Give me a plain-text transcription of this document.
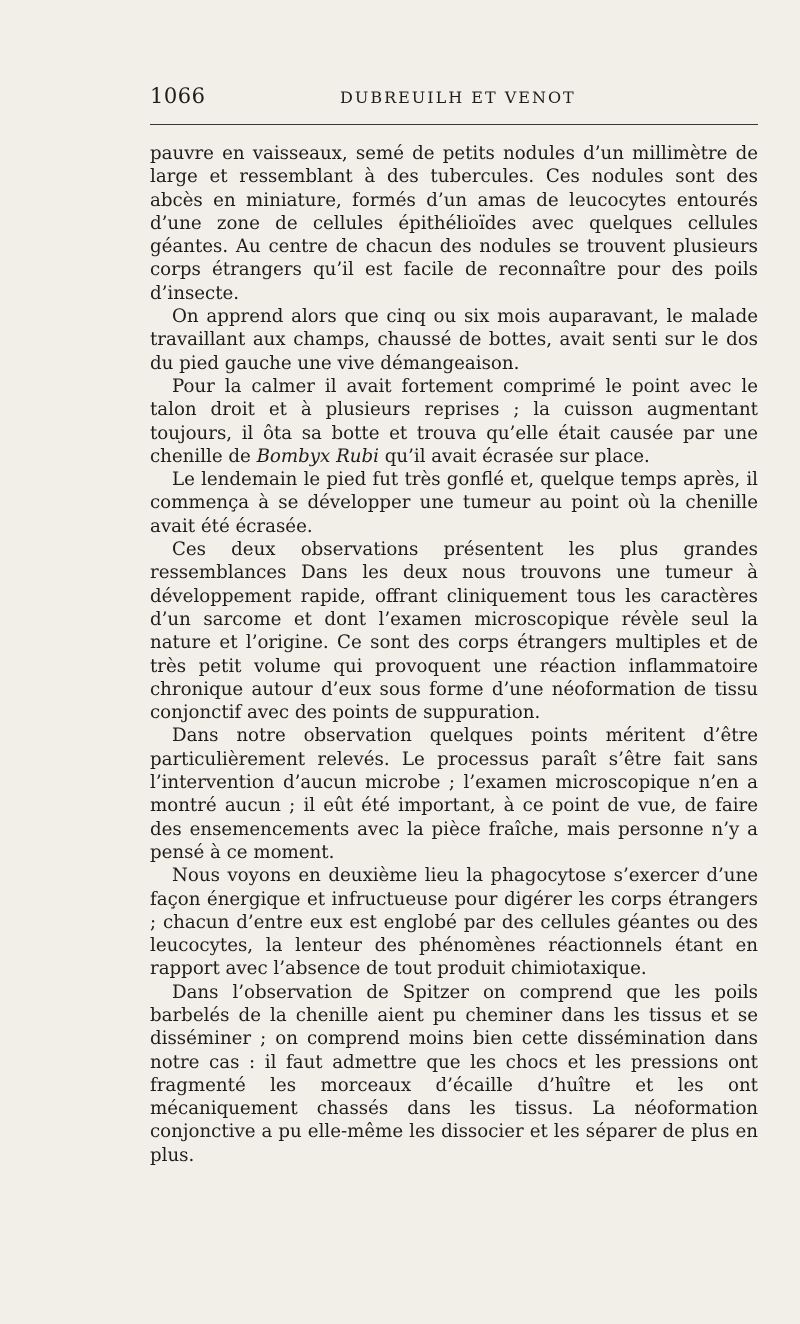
1066	DUBREUILH ET VENOT

pauvre en vaisseaux, semé de petits nodules d’un millimètre de large et ressemblant à des tubercules. Ces nodules sont des abcès en miniature, formés d’un amas de leucocytes entourés d’une zone de cellules épithélioïdes avec quelques cellules géantes. Au centre de chacun des nodules se trouvent plusieurs corps étrangers qu’il est facile de reconnaître pour des poils d’insecte.

On apprend alors que cinq ou six mois auparavant, le malade travaillant aux champs, chaussé de bottes, avait senti sur le dos du pied gauche une vive démangeaison.

Pour la calmer il avait fortement comprimé le point avec le talon droit et à plusieurs reprises ; la cuisson augmentant toujours, il ôta sa botte et trouva qu’elle était causée par une chenille de Bombyx Rubi qu’il avait écrasée sur place.

Le lendemain le pied fut très gonflé et, quelque temps après, il commença à se développer une tumeur au point où la chenille avait été écrasée.

Ces deux observations présentent les plus grandes ressemblances Dans les deux nous trouvons une tumeur à développement rapide, offrant cliniquement tous les caractères d’un sarcome et dont l’examen microscopique révèle seul la nature et l’origine. Ce sont des corps étrangers multiples et de très petit volume qui provoquent une réaction inflammatoire chronique autour d’eux sous forme d’une néoformation de tissu conjonctif avec des points de suppuration.

Dans notre observation quelques points méritent d’être particulièrement relevés. Le processus paraît s’être fait sans l’intervention d’aucun microbe ; l’examen microscopique n’en a montré aucun ; il eût été important, à ce point de vue, de faire des ensemencements avec la pièce fraîche, mais personne n’y a pensé à ce moment.

Nous voyons en deuxième lieu la phagocytose s’exercer d’une façon énergique et infructueuse pour digérer les corps étrangers ; chacun d’entre eux est englobé par des cellules géantes ou des leucocytes, la lenteur des phénomènes réactionnels étant en rapport avec l’absence de tout produit chimiotaxique.

Dans l’observation de Spitzer on comprend que les poils barbelés de la chenille aient pu cheminer dans les tissus et se disséminer ; on comprend moins bien cette dissémination dans notre cas : il faut admettre que les chocs et les pressions ont fragmenté les morceaux d’écaille d’huître et les ont mécaniquement chassés dans les tissus. La néoformation conjonctive a pu elle-même les dissocier et les séparer de plus en plus.
